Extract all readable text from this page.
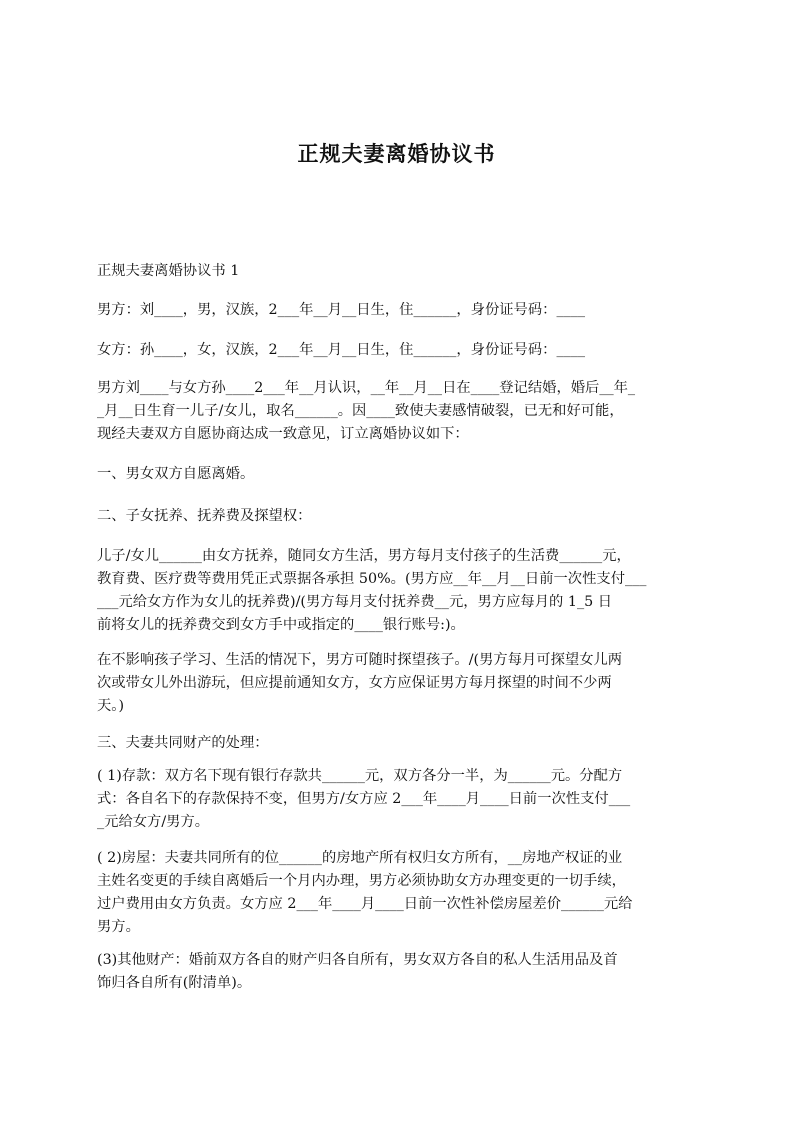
正规夫妻离婚协议书

正规夫妻离婚协议书 1

男方：刘____，男，汉族，2___年__月__日生，住______，身份证号码：____

女方：孙____，女，汉族，2___年__月__日生，住______，身份证号码：____

男方刘____与女方孙____2___年__月认识，__年__月__日在____登记结婚，婚后__年_
_月__日生育一儿子/女儿，取名______。因____致使夫妻感情破裂，已无和好可能，
现经夫妻双方自愿协商达成一致意见，订立离婚协议如下：

一、男女双方自愿离婚。

二、子女抚养、抚养费及探望权：

儿子/女儿______由女方抚养，随同女方生活，男方每月支付孩子的生活费______元，
教育费、医疗费等费用凭正式票据各承担 50%。(男方应__年__月__日前一次性支付___
___元给女方作为女儿的抚养费)/(男方每月支付抚养费__元，男方应每月的 1_5 日
前将女儿的抚养费交到女方手中或指定的____银行账号:)。
在不影响孩子学习、生活的情况下，男方可随时探望孩子。/(男方每月可探望女儿两
次或带女儿外出游玩，但应提前通知女方，女方应保证男方每月探望的时间不少两
天。)

三、夫妻共同财产的处理：

( 1)存款：双方名下现有银行存款共______元，双方各分一半，为______元。分配方
式：各自名下的存款保持不变，但男方/女方应 2___年____月____日前一次性支付___
_元给女方/男方。
( 2)房屋：夫妻共同所有的位______的房地产所有权归女方所有，__房地产权证的业
主姓名变更的手续自离婚后一个月内办理，男方必须协助女方办理变更的一切手续，
过户费用由女方负责。女方应 2___年____月____日前一次性补偿房屋差价______元给
男方。
(3)其他财产：婚前双方各自的财产归各自所有，男女双方各自的私人生活用品及首
饰归各自所有(附清单)。
